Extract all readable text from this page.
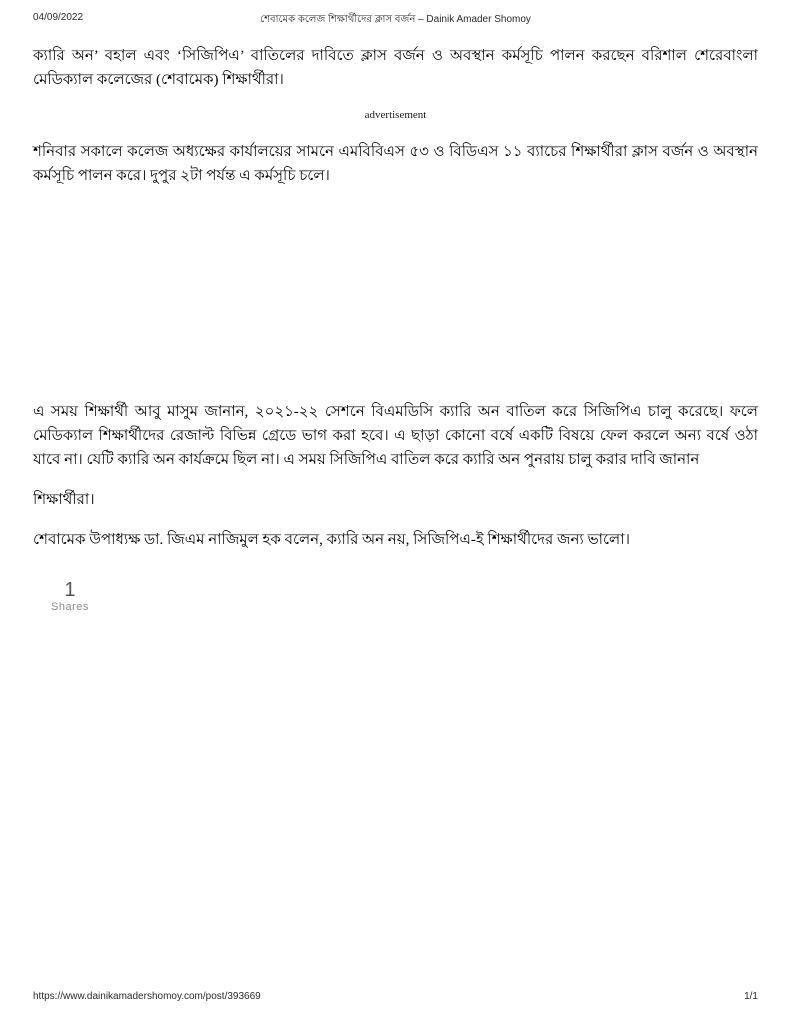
04/09/2022	শেবামেক কলেজ শিক্ষার্থীদের ক্লাস বর্জন – Dainik Amader Shomoy

ক্যারি অন’ বহাল এবং ‘সিজিপিএ’ বাতিলের দাবিতে ক্লাস বর্জন ও অবস্থান কর্মসূচি পালন করছেন বরিশাল শেরেবাংলা মেডিক্যাল কলেজের (শেবামেক) শিক্ষার্থীরা।

advertisement

শনিবার সকালে কলেজ অধ্যক্ষের কার্যালয়ের সামনে এমবিবিএস ৫৩ ও বিডিএস ১১ ব্যাচের শিক্ষার্থীরা ক্লাস বর্জন ও অবস্থান কর্মসূচি পালন করে। দুপুর ২টা পর্যন্ত এ কর্মসূচি চলে।

এ সময় শিক্ষার্থী আবু মাসুম জানান, ২০২১-২২ সেশনে বিএমডিসি ক্যারি অন বাতিল করে সিজিপিএ চালু করেছে। ফলে মেডিক্যাল শিক্ষার্থীদের রেজাল্ট বিভিন্ন গ্রেডে ভাগ করা হবে। এ ছাড়া কোনো বর্ষে একটি বিষয়ে ফেল করলে অন্য বর্ষে ওঠা যাবে না। যেটি ক্যারি অন কার্যক্রমে ছিল না। এ সময় সিজিপিএ বাতিল করে ক্যারি অন পুনরায় চালু করার দাবি জানান

শিক্ষার্থীরা।

শেবামেক উপাধ্যক্ষ ডা. জিএম নাজিমুল হক বলেন, ক্যারি অন নয়, সিজিপিএ-ই শিক্ষার্থীদের জন্য ভালো।

1
Shares
https://www.dainikamadershomoy.com/post/393669	1/1
